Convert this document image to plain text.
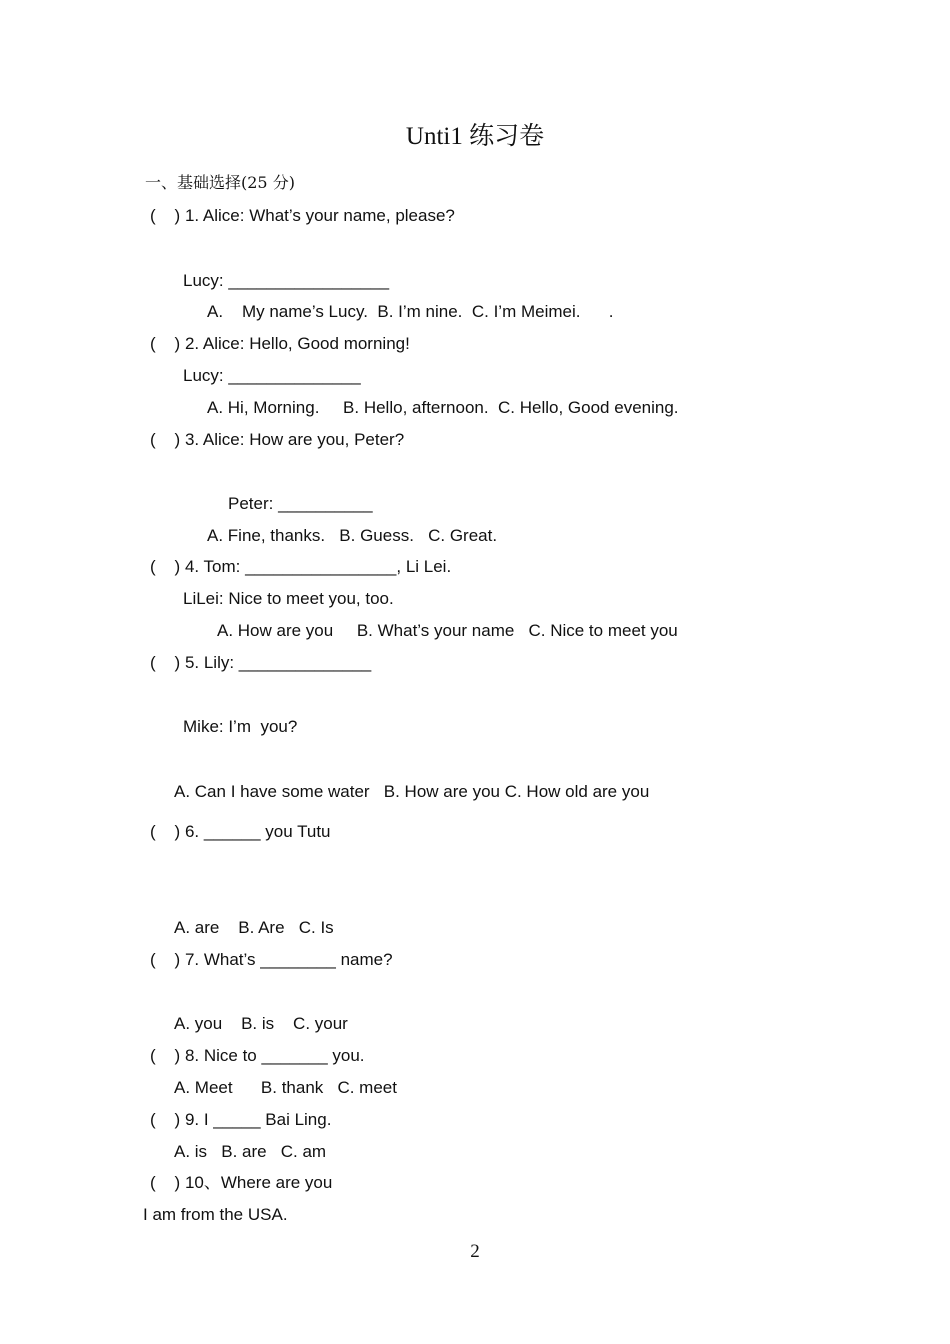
Unti1 练习卷
一、基础选择(25 分)
(    ) 1. Alice: What’s your name, please?
Lucy: _________________
A.    My name’s Lucy.  B. I’m nine.  C. I’m Meimei.      .
(    ) 2. Alice: Hello, Good morning!
Lucy: ______________
A. Hi, Morning.     B. Hello, afternoon.  C. Hello, Good evening.
(    ) 3. Alice: How are you, Peter?
Peter: __________
A. Fine, thanks.   B. Guess.   C. Great.
(    ) 4. Tom: ________________, Li Lei.
LiLei: Nice to meet you, too.
A. How are you     B. What’s your name   C. Nice to meet you
(    ) 5. Lily: ______________
Mike: I’m  you?
A. Can I have some water   B. How are you C. How old are you
(    ) 6. ______ you Tutu
A. are    B. Are   C. Is
(    ) 7. What’s ________ name?
A. you    B. is    C. your
(    ) 8. Nice to _______ you.
A. Meet      B. thank   C. meet
(    ) 9. I _____ Bai Ling.
A. is   B. are   C. am
(    ) 10、Where are you
I am from the USA.
2
